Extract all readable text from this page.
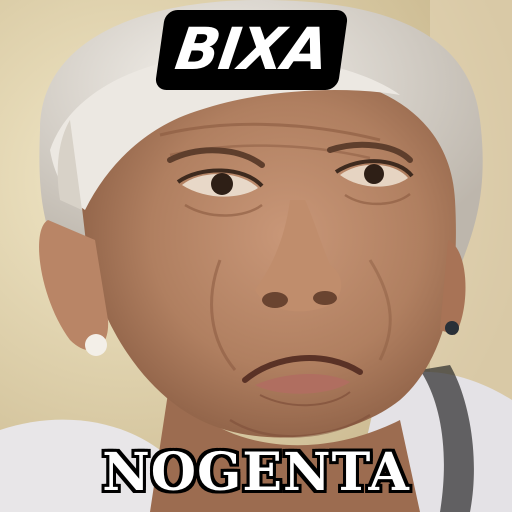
BIXA
NOGENTA
